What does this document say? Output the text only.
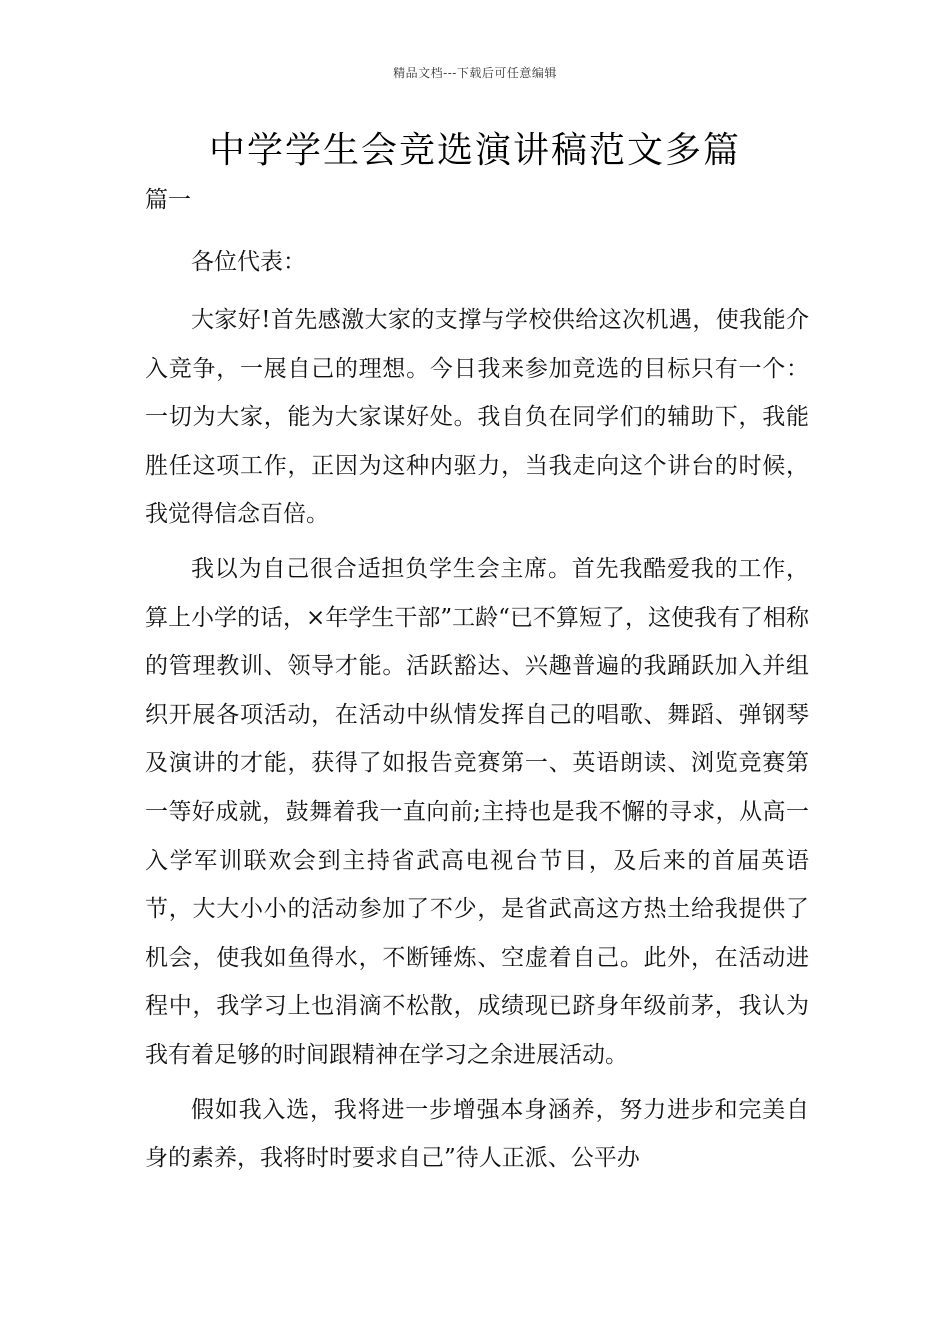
精品文档---下载后可任意编辑
中学学生会竞选演讲稿范文多篇

篇一

各位代表：

大家好!首先感激大家的支撑与学校供给这次机遇，使我能介入竞争，一展自己的理想。今日我来参加竞选的目标只有一个：一切为大家，能为大家谋好处。我自负在同学们的辅助下，我能胜任这项工作，正因为这种内驱力，当我走向这个讲台的时候，我觉得信念百倍。

我以为自己很合适担负学生会主席。首先我酷爱我的工作，算上小学的话，×年学生干部”工龄“已不算短了，这使我有了相称的管理教训、领导才能。活跃豁达、兴趣普遍的我踊跃加入并组织开展各项活动，在活动中纵情发挥自己的唱歌、舞蹈、弹钢琴及演讲的才能，获得了如报告竞赛第一、英语朗读、浏览竞赛第一等好成就，鼓舞着我一直向前;主持也是我不懈的寻求，从高一入学军训联欢会到主持省武高电视台节目，及后来的首届英语节，大大小小的活动参加了不少，是省武高这方热土给我提供了机会，使我如鱼得水，不断锤炼、空虚着自己。此外，在活动进程中，我学习上也涓滴不松散，成绩现已跻身年级前茅，我认为我有着足够的时间跟精神在学习之余进展活动。

假如我入选，我将进一步增强本身涵养，努力进步和完美自身的素养，我将时时要求自己”待人正派、公平办
